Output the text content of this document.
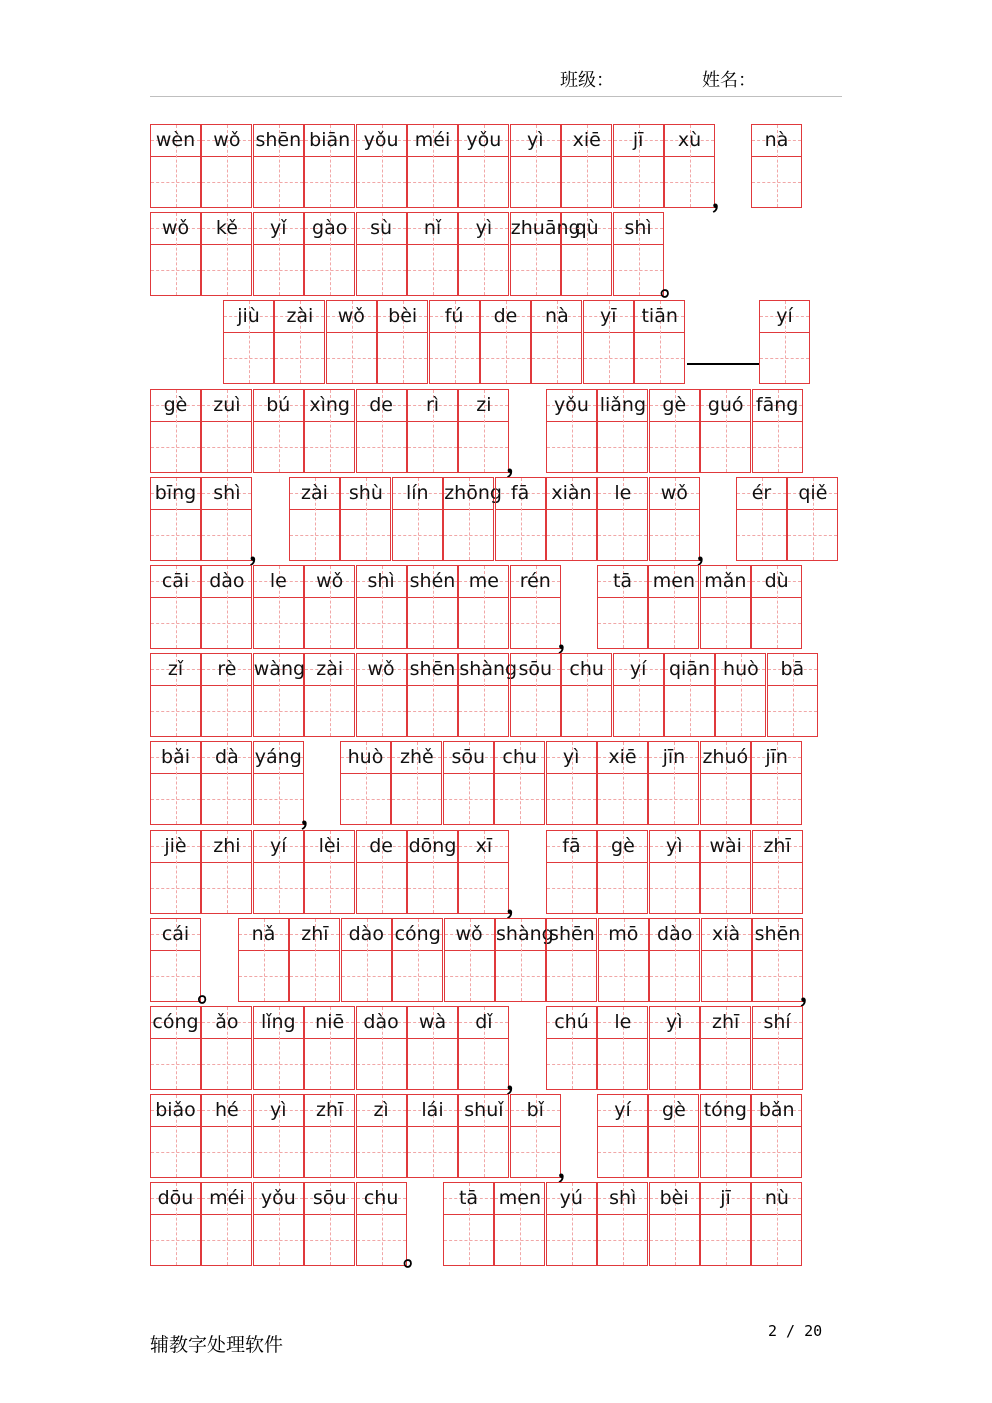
班级：	姓名：
wèn wǒ shēn biān yǒu méi yǒu	yì	xiē	jī	xù
，
nà
wǒ	kě	yǐ	gào	sù	nǐ	yì zhuāng
qù	shì
。
jiù	zài	wǒ	bèi	fú	de	nà	yī	tiān	yí
gè	zuì	bú	xìng	de	rì	zi
，
yǒu liǎng gè	guó fāng
bīng shì
，
zài	shù	lín zhōng fā	xiàn	le	wǒ
，
ér	qiě
cāi	dào	le	wǒ	shì shén me	rén
，
tā	men mǎn dù
zǐ	rè wàng zài	wǒ shēn shàng sōu chu	yí	qiān huò	bā
bǎi	dà yáng
，
huò zhě sōu chu	yì	xiē	jīn zhuó jīn
jiè	zhi	yí	lèi	de dōng	xī
，
fā	gè	yì	wài	zhī
cái
。
nǎ	zhī	dào cóng wǒ shàng
shēn mō dào	xià shēn
，
cóng ǎo	lǐng	niē	dào	wà	dǐ
，
chú	le	yì	zhī	shí
biǎo	hé	yì	zhī	zì	lái	shuǐ	bǐ
，
yí	gè tóng bǎn
dōu méi yǒu sōu chu
。
tā	men yú	shì	bèi	jī	nù
辅教字处理软件
2 / 20
